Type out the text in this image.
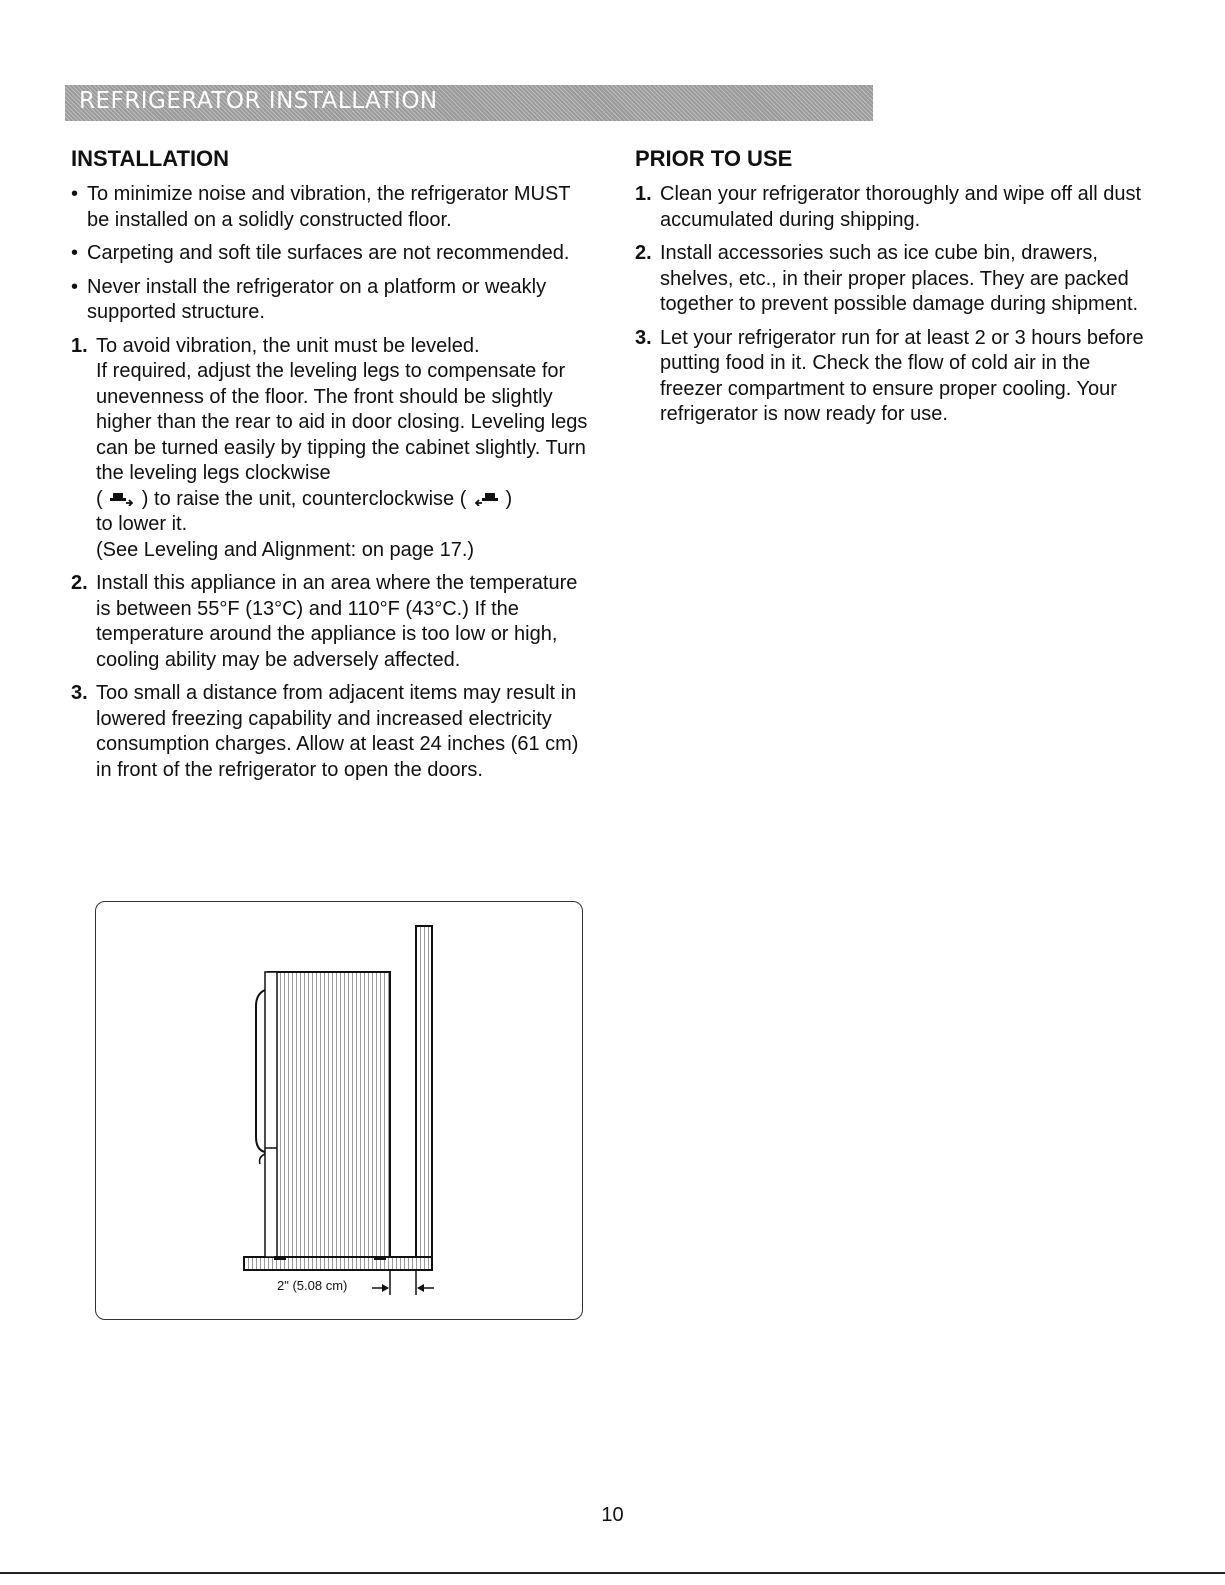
REFRIGERATOR INSTALLATION
INSTALLATION
• To minimize noise and vibration, the refrigerator MUST be installed on a solidly constructed floor.
• Carpeting and soft tile surfaces are not recommended.
• Never install the refrigerator on a platform or weakly supported structure.
1. To avoid vibration, the unit must be leveled.
If required, adjust the leveling legs to compensate for unevenness of the floor. The front should be slightly higher than the rear to aid in door closing. Leveling legs can be turned easily by tipping the cabinet slightly. Turn the leveling legs clockwise
( ) to raise the unit, counterclockwise ( )
to lower it.
(See Leveling and Alignment: on page 17.)
2. Install this appliance in an area where the temperature is between 55°F (13°C) and 110°F (43°C.) If the temperature around the appliance is too low or high, cooling ability may be adversely affected.
3. Too small a distance from adjacent items may result in lowered freezing capability and increased electricity consumption charges. Allow at least 24 inches (61 cm) in front of the refrigerator to open the doors.
2" (5.08 cm)
PRIOR TO USE
1. Clean your refrigerator thoroughly and wipe off all dust accumulated during shipping.
2. Install accessories such as ice cube bin, drawers, shelves, etc., in their proper places. They are packed together to prevent possible damage during shipment.
3. Let your refrigerator run for at least 2 or 3 hours before putting food in it. Check the flow of cold air in the freezer compartment to ensure proper cooling. Your refrigerator is now ready for use.
10
